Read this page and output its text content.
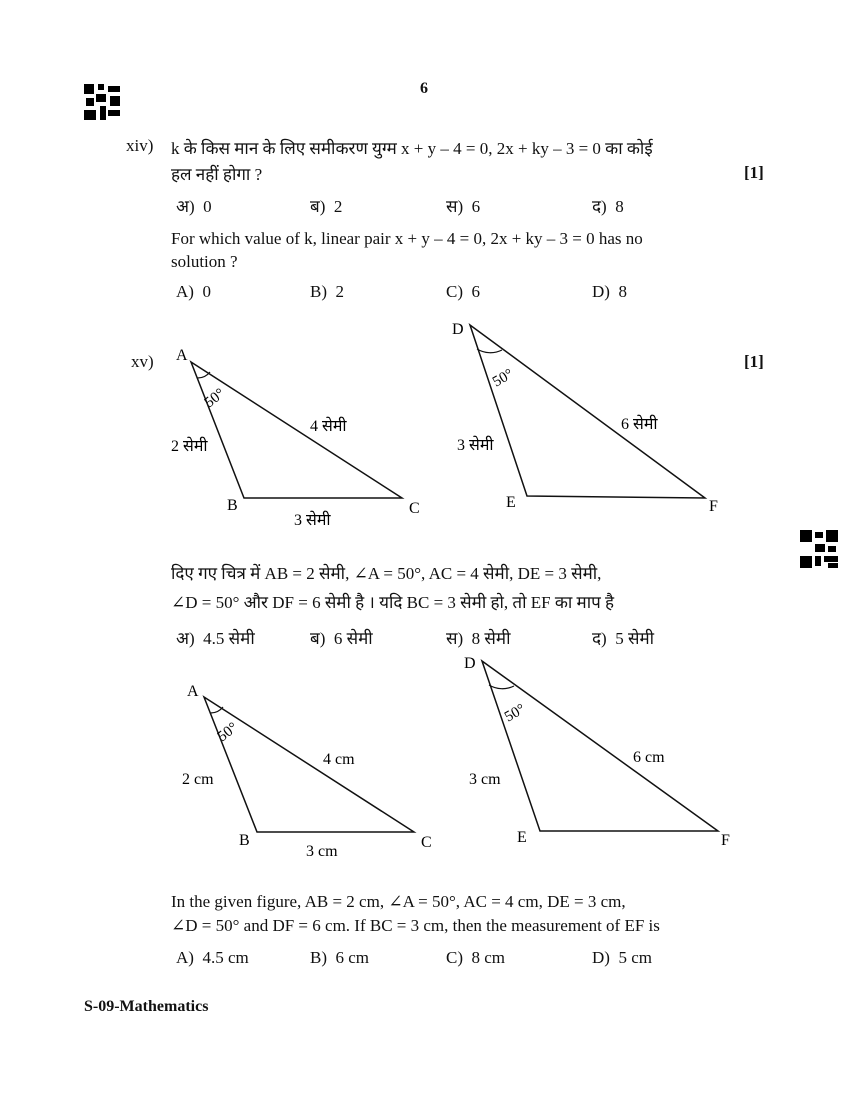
6
xiv) k के किस मान के लिए समीकरण युग्म x + y – 4 = 0, 2x + ky – 3 = 0 का कोई
हल नहीं होगा ?	[1]
अ) 0	ब) 2	स) 6	द) 8
For which value of k, linear pair x + y – 4 = 0, 2x + ky – 3 = 0 has no
solution ?
A) 0	B) 2	C) 6	D) 8
xv)	[1]
A
B	C
50°
2 सेमी
4 सेमी
3 सेमी
D
E	F
50°
3 सेमी
6 सेमी
दिए गए चित्र में AB = 2 सेमी, ∠A = 50°, AC = 4 सेमी, DE = 3 सेमी,
∠D = 50° और DF = 6 सेमी है । यदि BC = 3 सेमी हो, तो EF का माप है
अ) 4.5 सेमी	ब) 6 सेमी	स) 8 सेमी	द) 5 सेमी
A
B	C
50°
2 cm
4 cm
3 cm
D
E	F
50°
3 cm
6 cm
In the given figure, AB = 2 cm, ∠A = 50°, AC = 4 cm, DE = 3 cm,
∠D = 50° and DF = 6 cm. If BC = 3 cm, then the measurement of EF is
A) 4.5 cm	B) 6 cm	C) 8 cm	D) 5 cm
S-09-Mathematics
